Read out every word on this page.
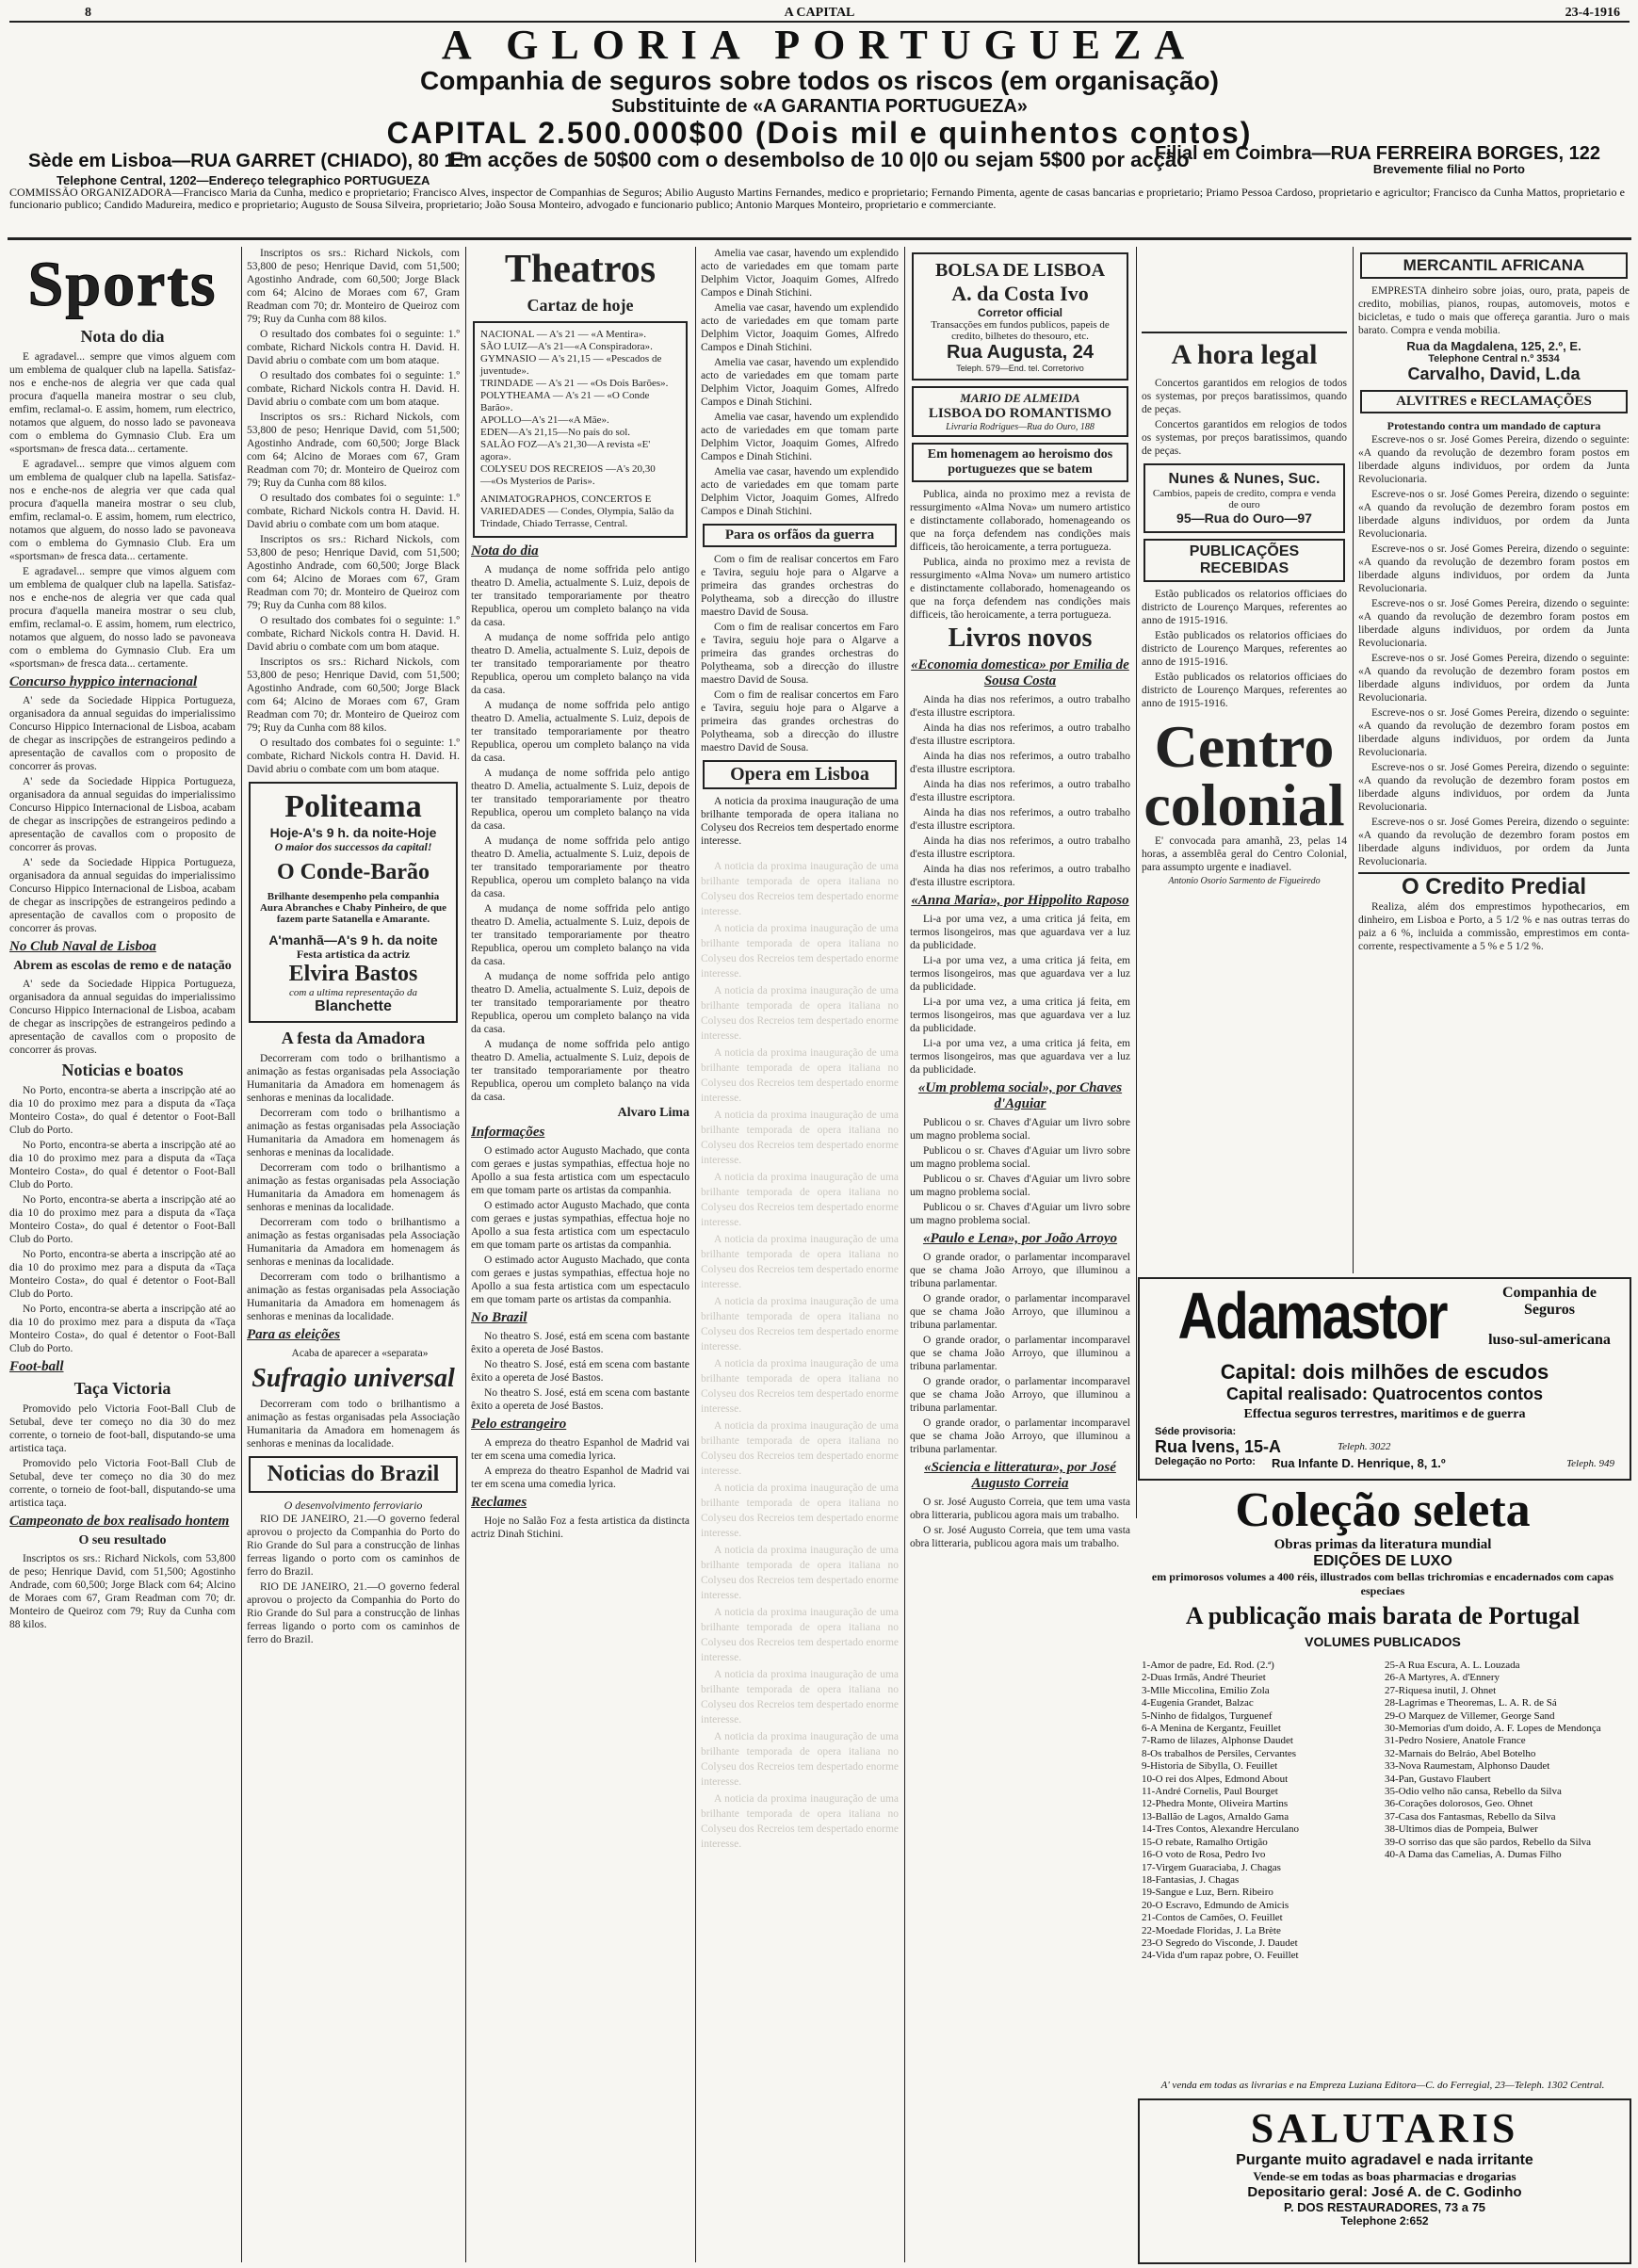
8	A CAPITAL	23-4-1916
A GLORIA PORTUGUEZA
Companhia de seguros sobre todos os riscos (em organisação)
Substituinte de «A GARANTIA PORTUGUEZA»
CAPITAL 2.500.000$00 (Dois mil e quinhentos contos)
Em acções de 50$00 com o desembolso de 10 0|0 ou sejam 5$00 por acção
Sède em Lisboa—RUA GARRET (CHIADO), 80 1.º	Filial em Coimbra—RUA FERREIRA BORGES, 122
Brevemente filial no Porto
Telephone Central, 1202—Endereço telegraphico PORTUGUEZA
COMMISSÃO ORGANIZADORA—Francisco Maria da Cunha, medico e proprietario; Francisco Alves, inspector de Companhias de Seguros; Abilio Augusto Martins Fernandes, medico e proprietario; Fernando Pimenta, agente de casas bancarias e proprietario; Priamo Pessoa Cardoso, proprietario e agricultor; Francisco da Cunha Mattos, proprietario e funcionario publico; Candido Madureira, medico e proprietario; Augusto de Sousa Silveira, proprietario; João Sousa Monteiro, advogado e funcionario publico; Antonio Marques Monteiro, proprietario e commerciante.
Sports
Nota do dia

E agradavel... sempre que vimos alguem com um emblema de qualquer club na lapella. Satisfaz-nos e enche-nos de alegria ver que cada qual procura d'aquella maneira mostrar o seu club, emfim, reclamal-o. E assim, homem, rum electrico, notamos que alguem, do nosso lado se pavoneava com o emblema do Gymnasio Club. Era um «sportsman» de fresca data... certamente.

E agradavel... sempre que vimos alguem com um emblema de qualquer club na lapella. Satisfaz-nos e enche-nos de alegria ver que cada qual procura d'aquella maneira mostrar o seu club, emfim, reclamal-o. E assim, homem, rum electrico, notamos que alguem, do nosso lado se pavoneava com o emblema do Gymnasio Club. Era um «sportsman» de fresca data... certamente.

E agradavel... sempre que vimos alguem com um emblema de qualquer club na lapella. Satisfaz-nos e enche-nos de alegria ver que cada qual procura d'aquella maneira mostrar o seu club, emfim, reclamal-o. E assim, homem, rum electrico, notamos que alguem, do nosso lado se pavoneava com o emblema do Gymnasio Club. Era um «sportsman» de fresca data... certamente.

Concurso hyppico internacional

A' sede da Sociedade Hippica Portugueza, organisadora da annual seguidas do imperialissimo Concurso Hippico Internacional de Lisboa, acabam de chegar as inscripções de estrangeiros pedindo a apresentação de cavallos com o proposito de concorrer ás provas.

A' sede da Sociedade Hippica Portugueza, organisadora da annual seguidas do imperialissimo Concurso Hippico Internacional de Lisboa, acabam de chegar as inscripções de estrangeiros pedindo a apresentação de cavallos com o proposito de concorrer ás provas.

A' sede da Sociedade Hippica Portugueza, organisadora da annual seguidas do imperialissimo Concurso Hippico Internacional de Lisboa, acabam de chegar as inscripções de estrangeiros pedindo a apresentação de cavallos com o proposito de concorrer ás provas.

No Club Naval de Lisboa
Abrem as escolas de remo e de natação

A' sede da Sociedade Hippica Portugueza, organisadora da annual seguidas do imperialissimo Concurso Hippico Internacional de Lisboa, acabam de chegar as inscripções de estrangeiros pedindo a apresentação de cavallos com o proposito de concorrer ás provas.

Noticias e boatos

No Porto, encontra-se aberta a inscripção até ao dia 10 do proximo mez para a disputa da «Taça Monteiro Costa», do qual é detentor o Foot-Ball Club do Porto.

No Porto, encontra-se aberta a inscripção até ao dia 10 do proximo mez para a disputa da «Taça Monteiro Costa», do qual é detentor o Foot-Ball Club do Porto.

No Porto, encontra-se aberta a inscripção até ao dia 10 do proximo mez para a disputa da «Taça Monteiro Costa», do qual é detentor o Foot-Ball Club do Porto.

No Porto, encontra-se aberta a inscripção até ao dia 10 do proximo mez para a disputa da «Taça Monteiro Costa», do qual é detentor o Foot-Ball Club do Porto.

No Porto, encontra-se aberta a inscripção até ao dia 10 do proximo mez para a disputa da «Taça Monteiro Costa», do qual é detentor o Foot-Ball Club do Porto.

Foot-ball
Taça Victoria

Promovido pelo Victoria Foot-Ball Club de Setubal, deve ter começo no dia 30 do mez corrente, o torneio de foot-ball, disputando-se uma artistica taça.

Promovido pelo Victoria Foot-Ball Club de Setubal, deve ter começo no dia 30 do mez corrente, o torneio de foot-ball, disputando-se uma artistica taça.

Campeonato de box realisado hontem
O seu resultado

Inscriptos os srs.: Richard Nickols, com 53,800 de peso; Henrique David, com 51,500; Agostinho Andrade, com 60,500; Jorge Black com 64; Alcino de Moraes com 67, Gram Readman com 70; dr. Monteiro de Queiroz com 79; Ruy da Cunha com 88 kilos.

Inscriptos os srs.: Richard Nickols, com 53,800 de peso; Henrique David, com 51,500; Agostinho Andrade, com 60,500; Jorge Black com 64; Alcino de Moraes com 67, Gram Readman com 70; dr. Monteiro de Queiroz com 79; Ruy da Cunha com 88 kilos.

O resultado dos combates foi o seguinte: 1.º combate, Richard Nickols contra H. David. H. David abriu o combate com um bom ataque.

O resultado dos combates foi o seguinte: 1.º combate, Richard Nickols contra H. David. H. David abriu o combate com um bom ataque.

Inscriptos os srs.: Richard Nickols, com 53,800 de peso; Henrique David, com 51,500; Agostinho Andrade, com 60,500; Jorge Black com 64; Alcino de Moraes com 67, Gram Readman com 70; dr. Monteiro de Queiroz com 79; Ruy da Cunha com 88 kilos.

O resultado dos combates foi o seguinte: 1.º combate, Richard Nickols contra H. David. H. David abriu o combate com um bom ataque.

Inscriptos os srs.: Richard Nickols, com 53,800 de peso; Henrique David, com 51,500; Agostinho Andrade, com 60,500; Jorge Black com 64; Alcino de Moraes com 67, Gram Readman com 70; dr. Monteiro de Queiroz com 79; Ruy da Cunha com 88 kilos.

O resultado dos combates foi o seguinte: 1.º combate, Richard Nickols contra H. David. H. David abriu o combate com um bom ataque.

Inscriptos os srs.: Richard Nickols, com 53,800 de peso; Henrique David, com 51,500; Agostinho Andrade, com 60,500; Jorge Black com 64; Alcino de Moraes com 67, Gram Readman com 70; dr. Monteiro de Queiroz com 79; Ruy da Cunha com 88 kilos.

O resultado dos combates foi o seguinte: 1.º combate, Richard Nickols contra H. David. H. David abriu o combate com um bom ataque.

Politeama
Hoje-A's 9 h. da noite-Hoje
O maior dos successos da capital!
O Conde-Barão
Brilhante desempenho pela companhia Aura Abranches e Chaby Pinheiro, de que fazem parte Satanella e Amarante.
A'manhã—A's 9 h. da noite
Festa artistica da actriz
Elvira Bastos
com a ultima representação da
Blanchette
A festa da Amadora

Decorreram com todo o brilhantismo a animação as festas organisadas pela Associação Humanitaria da Amadora em homenagem ás senhoras e meninas da localidade.

Decorreram com todo o brilhantismo a animação as festas organisadas pela Associação Humanitaria da Amadora em homenagem ás senhoras e meninas da localidade.

Decorreram com todo o brilhantismo a animação as festas organisadas pela Associação Humanitaria da Amadora em homenagem ás senhoras e meninas da localidade.

Decorreram com todo o brilhantismo a animação as festas organisadas pela Associação Humanitaria da Amadora em homenagem ás senhoras e meninas da localidade.

Decorreram com todo o brilhantismo a animação as festas organisadas pela Associação Humanitaria da Amadora em homenagem ás senhoras e meninas da localidade.

Para as eleições

Acaba de aparecer a «separata»

Sufragio universal

Decorreram com todo o brilhantismo a animação as festas organisadas pela Associação Humanitaria da Amadora em homenagem ás senhoras e meninas da localidade.

Noticias do Brazil
O desenvolvimento ferroviario

RIO DE JANEIRO, 21.—O governo federal aprovou o projecto da Companhia do Porto do Rio Grande do Sul para a construcção de linhas ferreas ligando o porto com os caminhos de ferro do Brazil.

RIO DE JANEIRO, 21.—O governo federal aprovou o projecto da Companhia do Porto do Rio Grande do Sul para a construcção de linhas ferreas ligando o porto com os caminhos de ferro do Brazil.

Theatros
Cartaz de hoje
NACIONAL — A's 21 — «A Mentira».
SÃO LUIZ—A's 21—«A Conspiradora».
GYMNASIO — A's 21,15 — «Pescados de juventude».
TRINDADE — A's 21 — «Os Dois Barões».
POLYTHEAMA — A's 21 — «O Conde Barão».
APOLLO—A's 21—«A Mãe».
EDEN—A's 21,15—No país do sol.
SALÃO FOZ—A's 21,30—A revista «E' agora».
COLYSEU DOS RECREIOS —A's 20,30—«Os Mysterios de Paris».
ANIMATOGRAPHOS, CONCERTOS E VARIEDADES — Condes, Olympia, Salão da Trindade, Chiado Terrasse, Central.
Nota do dia

A mudança de nome soffrida pelo antigo theatro D. Amelia, actualmente S. Luiz, depois de ter transitado temporariamente por theatro Republica, operou um completo balanço na vida da casa.

A mudança de nome soffrida pelo antigo theatro D. Amelia, actualmente S. Luiz, depois de ter transitado temporariamente por theatro Republica, operou um completo balanço na vida da casa.

A mudança de nome soffrida pelo antigo theatro D. Amelia, actualmente S. Luiz, depois de ter transitado temporariamente por theatro Republica, operou um completo balanço na vida da casa.

A mudança de nome soffrida pelo antigo theatro D. Amelia, actualmente S. Luiz, depois de ter transitado temporariamente por theatro Republica, operou um completo balanço na vida da casa.

A mudança de nome soffrida pelo antigo theatro D. Amelia, actualmente S. Luiz, depois de ter transitado temporariamente por theatro Republica, operou um completo balanço na vida da casa.

A mudança de nome soffrida pelo antigo theatro D. Amelia, actualmente S. Luiz, depois de ter transitado temporariamente por theatro Republica, operou um completo balanço na vida da casa.

A mudança de nome soffrida pelo antigo theatro D. Amelia, actualmente S. Luiz, depois de ter transitado temporariamente por theatro Republica, operou um completo balanço na vida da casa.

A mudança de nome soffrida pelo antigo theatro D. Amelia, actualmente S. Luiz, depois de ter transitado temporariamente por theatro Republica, operou um completo balanço na vida da casa.

Alvaro Lima
Informações

O estimado actor Augusto Machado, que conta com geraes e justas sympathias, effectua hoje no Apollo a sua festa artistica com um espectaculo em que tomam parte os artistas da companhia.

O estimado actor Augusto Machado, que conta com geraes e justas sympathias, effectua hoje no Apollo a sua festa artistica com um espectaculo em que tomam parte os artistas da companhia.

O estimado actor Augusto Machado, que conta com geraes e justas sympathias, effectua hoje no Apollo a sua festa artistica com um espectaculo em que tomam parte os artistas da companhia.

No Brazil

No theatro S. José, está em scena com bastante êxito a opereta de José Bastos.

No theatro S. José, está em scena com bastante êxito a opereta de José Bastos.

No theatro S. José, está em scena com bastante êxito a opereta de José Bastos.

Pelo estrangeiro

A empreza do theatro Espanhol de Madrid vai ter em scena uma comedia lyrica.

A empreza do theatro Espanhol de Madrid vai ter em scena uma comedia lyrica.

Reclames

Hoje no Salão Foz a festa artistica da distincta actriz Dinah Stichini.

Amelia vae casar, havendo um explendido acto de variedades em que tomam parte Delphim Victor, Joaquim Gomes, Alfredo Campos e Dinah Stichini.

Amelia vae casar, havendo um explendido acto de variedades em que tomam parte Delphim Victor, Joaquim Gomes, Alfredo Campos e Dinah Stichini.

Amelia vae casar, havendo um explendido acto de variedades em que tomam parte Delphim Victor, Joaquim Gomes, Alfredo Campos e Dinah Stichini.

Amelia vae casar, havendo um explendido acto de variedades em que tomam parte Delphim Victor, Joaquim Gomes, Alfredo Campos e Dinah Stichini.

Amelia vae casar, havendo um explendido acto de variedades em que tomam parte Delphim Victor, Joaquim Gomes, Alfredo Campos e Dinah Stichini.

Para os orfãos da guerra

Com o fim de realisar concertos em Faro e Tavira, seguiu hoje para o Algarve a primeira das grandes orchestras do Polytheama, sob a direcção do illustre maestro David de Sousa.

Com o fim de realisar concertos em Faro e Tavira, seguiu hoje para o Algarve a primeira das grandes orchestras do Polytheama, sob a direcção do illustre maestro David de Sousa.

Com o fim de realisar concertos em Faro e Tavira, seguiu hoje para o Algarve a primeira das grandes orchestras do Polytheama, sob a direcção do illustre maestro David de Sousa.

Opera em Lisboa

A noticia da proxima inauguração de uma brilhante temporada de opera italiana no Colyseu dos Recreios tem despertado enorme interesse.

A noticia da proxima inauguração de uma brilhante temporada de opera italiana no Colyseu dos Recreios tem despertado enorme interesse.

A noticia da proxima inauguração de uma brilhante temporada de opera italiana no Colyseu dos Recreios tem despertado enorme interesse.

A noticia da proxima inauguração de uma brilhante temporada de opera italiana no Colyseu dos Recreios tem despertado enorme interesse.

A noticia da proxima inauguração de uma brilhante temporada de opera italiana no Colyseu dos Recreios tem despertado enorme interesse.

A noticia da proxima inauguração de uma brilhante temporada de opera italiana no Colyseu dos Recreios tem despertado enorme interesse.

A noticia da proxima inauguração de uma brilhante temporada de opera italiana no Colyseu dos Recreios tem despertado enorme interesse.

A noticia da proxima inauguração de uma brilhante temporada de opera italiana no Colyseu dos Recreios tem despertado enorme interesse.

A noticia da proxima inauguração de uma brilhante temporada de opera italiana no Colyseu dos Recreios tem despertado enorme interesse.

A noticia da proxima inauguração de uma brilhante temporada de opera italiana no Colyseu dos Recreios tem despertado enorme interesse.

A noticia da proxima inauguração de uma brilhante temporada de opera italiana no Colyseu dos Recreios tem despertado enorme interesse.

A noticia da proxima inauguração de uma brilhante temporada de opera italiana no Colyseu dos Recreios tem despertado enorme interesse.

A noticia da proxima inauguração de uma brilhante temporada de opera italiana no Colyseu dos Recreios tem despertado enorme interesse.

A noticia da proxima inauguração de uma brilhante temporada de opera italiana no Colyseu dos Recreios tem despertado enorme interesse.

A noticia da proxima inauguração de uma brilhante temporada de opera italiana no Colyseu dos Recreios tem despertado enorme interesse.

A noticia da proxima inauguração de uma brilhante temporada de opera italiana no Colyseu dos Recreios tem despertado enorme interesse.

A noticia da proxima inauguração de uma brilhante temporada de opera italiana no Colyseu dos Recreios tem despertado enorme interesse.

BOLSA DE LISBOA
A. da Costa Ivo
Corretor official
Transacções em fundos publicos, papeis de credito, bilhetes do thesouro, etc.
Rua Augusta, 24
Teleph. 579—End. tel. Corretorivo
MARIO DE ALMEIDA
LISBOA DO ROMANTISMO
Livraria Rodrigues—Rua do Ouro, 188
Em homenagem ao heroismo dos portuguezes que se batem

Publica, ainda no proximo mez a revista de ressurgimento «Alma Nova» um numero artistico e distinctamente collaborado, homenageando os que na força defendem nas condições mais difficeis, tão heroicamente, a terra portugueza.

Publica, ainda no proximo mez a revista de ressurgimento «Alma Nova» um numero artistico e distinctamente collaborado, homenageando os que na força defendem nas condições mais difficeis, tão heroicamente, a terra portugueza.

Livros novos
«Economia domestica» por Emilia de Sousa Costa

Ainda ha dias nos referimos, a outro trabalho d'esta illustre escriptora.

Ainda ha dias nos referimos, a outro trabalho d'esta illustre escriptora.

Ainda ha dias nos referimos, a outro trabalho d'esta illustre escriptora.

Ainda ha dias nos referimos, a outro trabalho d'esta illustre escriptora.

Ainda ha dias nos referimos, a outro trabalho d'esta illustre escriptora.

Ainda ha dias nos referimos, a outro trabalho d'esta illustre escriptora.

Ainda ha dias nos referimos, a outro trabalho d'esta illustre escriptora.

«Anna Maria», por Hippolito Raposo

Li-a por uma vez, a uma critica já feita, em termos lisongeiros, mas que aguardava ver a luz da publicidade.

Li-a por uma vez, a uma critica já feita, em termos lisongeiros, mas que aguardava ver a luz da publicidade.

Li-a por uma vez, a uma critica já feita, em termos lisongeiros, mas que aguardava ver a luz da publicidade.

Li-a por uma vez, a uma critica já feita, em termos lisongeiros, mas que aguardava ver a luz da publicidade.

«Um problema social», por Chaves d'Aguiar

Publicou o sr. Chaves d'Aguiar um livro sobre um magno problema social.

Publicou o sr. Chaves d'Aguiar um livro sobre um magno problema social.

Publicou o sr. Chaves d'Aguiar um livro sobre um magno problema social.

Publicou o sr. Chaves d'Aguiar um livro sobre um magno problema social.

«Paulo e Lena», por João Arroyo

O grande orador, o parlamentar incomparavel que se chama João Arroyo, que illuminou a tribuna parlamentar.

O grande orador, o parlamentar incomparavel que se chama João Arroyo, que illuminou a tribuna parlamentar.

O grande orador, o parlamentar incomparavel que se chama João Arroyo, que illuminou a tribuna parlamentar.

O grande orador, o parlamentar incomparavel que se chama João Arroyo, que illuminou a tribuna parlamentar.

O grande orador, o parlamentar incomparavel que se chama João Arroyo, que illuminou a tribuna parlamentar.

«Sciencia e litteratura», por José Augusto Correia

O sr. José Augusto Correia, que tem uma vasta obra litteraria, publicou agora mais um trabalho.

O sr. José Augusto Correia, que tem uma vasta obra litteraria, publicou agora mais um trabalho.

A hora legal

Concertos garantidos em relogios de todos os systemas, por preços baratissimos, quando de peças.

Concertos garantidos em relogios de todos os systemas, por preços baratissimos, quando de peças.

Nunes & Nunes, Suc.
Cambios, papeis de credito, compra e venda de ouro
95—Rua do Ouro—97
PUBLICAÇÕES RECEBIDAS

Estão publicados os relatorios officiaes do districto de Lourenço Marques, referentes ao anno de 1915-1916.

Estão publicados os relatorios officiaes do districto de Lourenço Marques, referentes ao anno de 1915-1916.

Estão publicados os relatorios officiaes do districto de Lourenço Marques, referentes ao anno de 1915-1916.

Centro
colonial

E' convocada para amanhã, 23, pelas 14 horas, a assemblêa geral do Centro Colonial, para assumpto urgente e inadiavel.

Antonio Osorio Sarmento de Figueiredo
MERCANTIL AFRICANA

EMPRESTA dinheiro sobre joias, ouro, prata, papeis de credito, mobilias, pianos, roupas, automoveis, motos e bicicletas, e tudo o mais que offereça garantia. Juro o mais barato. Compra e venda mobilia.

Rua da Magdalena, 125, 2.º, E.
Telephone Central n.º 3534
Carvalho, David, L.da
ALVITRES e RECLAMAÇÕES
Protestando contra um mandado de captura

Escreve-nos o sr. José Gomes Pereira, dizendo o seguinte: «A quando da revolução de dezembro foram postos em liberdade alguns individuos, por ordem da Junta Revolucionaria.

Escreve-nos o sr. José Gomes Pereira, dizendo o seguinte: «A quando da revolução de dezembro foram postos em liberdade alguns individuos, por ordem da Junta Revolucionaria.

Escreve-nos o sr. José Gomes Pereira, dizendo o seguinte: «A quando da revolução de dezembro foram postos em liberdade alguns individuos, por ordem da Junta Revolucionaria.

Escreve-nos o sr. José Gomes Pereira, dizendo o seguinte: «A quando da revolução de dezembro foram postos em liberdade alguns individuos, por ordem da Junta Revolucionaria.

Escreve-nos o sr. José Gomes Pereira, dizendo o seguinte: «A quando da revolução de dezembro foram postos em liberdade alguns individuos, por ordem da Junta Revolucionaria.

Escreve-nos o sr. José Gomes Pereira, dizendo o seguinte: «A quando da revolução de dezembro foram postos em liberdade alguns individuos, por ordem da Junta Revolucionaria.

Escreve-nos o sr. José Gomes Pereira, dizendo o seguinte: «A quando da revolução de dezembro foram postos em liberdade alguns individuos, por ordem da Junta Revolucionaria.

Escreve-nos o sr. José Gomes Pereira, dizendo o seguinte: «A quando da revolução de dezembro foram postos em liberdade alguns individuos, por ordem da Junta Revolucionaria.

O Credito Predial

Realiza, além dos emprestimos hypothecarios, em dinheiro, em Lisboa e Porto, a 5 1/2 % e nas outras terras do paiz a 6 %, incluida a commissão, emprestimos em conta-corrente, respectivamente a 5 % e 5 1/2 %.

Adamastor	Companhia de Seguros
luso-sul-americana
Capital: dois milhões de escudos
Capital realisado: Quatrocentos contos
Effectua seguros terrestres, maritimos e de guerra
Séde provisoria:
Rua Ivens, 15-A	Teleph. 3022
Delegação no Porto: Rua Infante D. Henrique, 8, 1.º	Teleph. 949
Coleção seleta
Obras primas da literatura mundial
EDIÇÕES DE LUXO
em primorosos volumes a 400 réis, illustrados com bellas trichromias e encadernados com capas especiaes
A publicação mais barata de Portugal
VOLUMES PUBLICADOS
1-Amor de padre, Ed. Rod. (2.ª)
2-Duas Irmãs, André Theuriet
3-Mlle Miccolina, Emilio Zola
4-Eugenia Grandet, Balzac
5-Ninho de fidalgos, Turguenef
6-A Menina de Kergantz, Feuillet
7-Ramo de lilazes, Alphonse Daudet
8-Os trabalhos de Persiles, Cervantes
9-Historia de Sibylla, O. Feuillet
10-O rei dos Alpes, Edmond About
11-André Cornelis, Paul Bourget
12-Phedra Monte, Oliveira Martins
13-Ballão de Lagos, Arnaldo Gama
14-Tres Contos, Alexandre Herculano
15-O rebate, Ramalho Ortigão
16-O voto de Rosa, Pedro Ivo
17-Virgem Guaraciaba, J. Chagas
18-Fantasias, J. Chagas
19-Sangue e Luz, Bern. Ribeiro
20-O Escravo, Edmundo de Amicis
21-Contos de Camões, O. Feuillet
22-Moedade Floridas, J. La Brète
23-O Segredo do Visconde, J. Daudet
24-Vida d'um rapaz pobre, O. Feuillet
25-A Rua Escura, A. L. Louzada
26-A Martyres, A. d'Ennery
27-Riquesa inutil, J. Ohnet
28-Lagrimas e Theoremas, L. A. R. de Sá
29-O Marquez de Villemer, George Sand
30-Memorias d'um doido, A. F. Lopes de Mendonça
31-Pedro Nosiere, Anatole France
32-Marnais do Belráo, Abel Botelho
33-Nova Raumestam, Alphonso Daudet
34-Pan, Gustavo Flaubert
35-Odio velho não cansa, Rebello da Silva
36-Corações dolorosos, Geo. Ohnet
37-Casa dos Fantasmas, Rebello da Silva
38-Ultimos dias de Pompeia, Bulwer
39-O sorriso das que são pardos, Rebello da Silva
40-A Dama das Camelias, A. Dumas Filho
A' venda em todas as livrarias e na Empreza Luziana Editora—C. do Ferregial, 23—Teleph. 1302 Central.
SALUTARIS
Purgante muito agradavel e nada irritante
Vende-se em todas as boas pharmacias e drogarias
Depositario geral: José A. de C. Godinho
P. DOS RESTAURADORES, 73 a 75
Telephone 2:652
